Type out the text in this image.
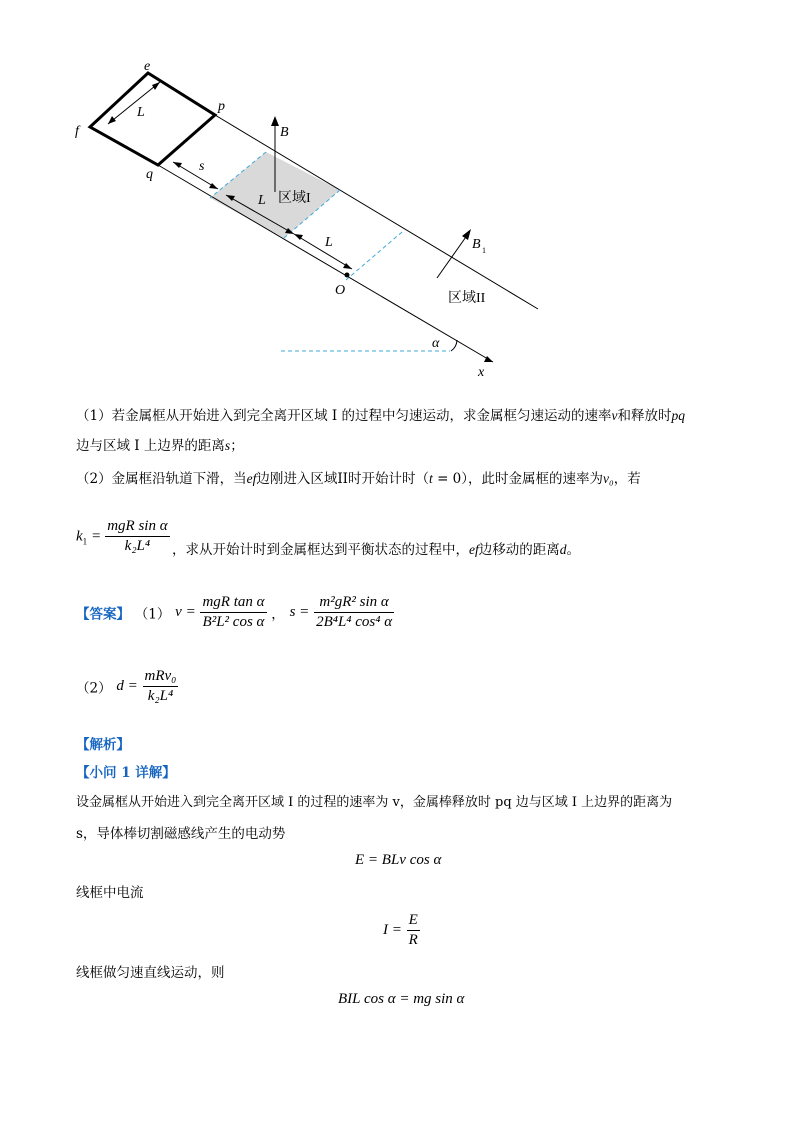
e
p
f
q
L
s
L
L
B
B 1
区域I
区域II
O
x
α
（1）若金属框从开始进入到完全离开区域 I 的过程中匀速运动，求金属框匀速运动的速率v和释放时pq
边与区域 I 上边界的距离s；
（2）金属框沿轨道下滑，当ef边刚进入区域II时开始计时（t = 0），此时金属框的速率为v₀，若
$k_1 = \frac{\text{mgR sin α}}{\text{k₂L⁴}}$ ，求从开始计时到金属框达到平衡状态的过程中，ef边移动的距离d。
【答案】 （1） $v = \frac{\text{mgR tan α}}{\text{B²L² cos α}}$ ， $s = \frac{\text{m²gR² sin α}}{\text{2B⁴L⁴ cos⁴ α}}$
（2） $d = \frac{\text{mRv₀}}{\text{k₂L⁴}}$
【解析】
【小问 1 详解】
设金属框从开始进入到完全离开区域 I 的过程的速率为 v，金属棒释放时 pq 边与区域 Ⅰ 上边界的距离为
s，导体棒切割磁感线产生的电动势
E = BLv cos α
线框中电流
$I = \frac{E}{R}$
线框做匀速直线运动，则
BIL cos α = mg sin α
